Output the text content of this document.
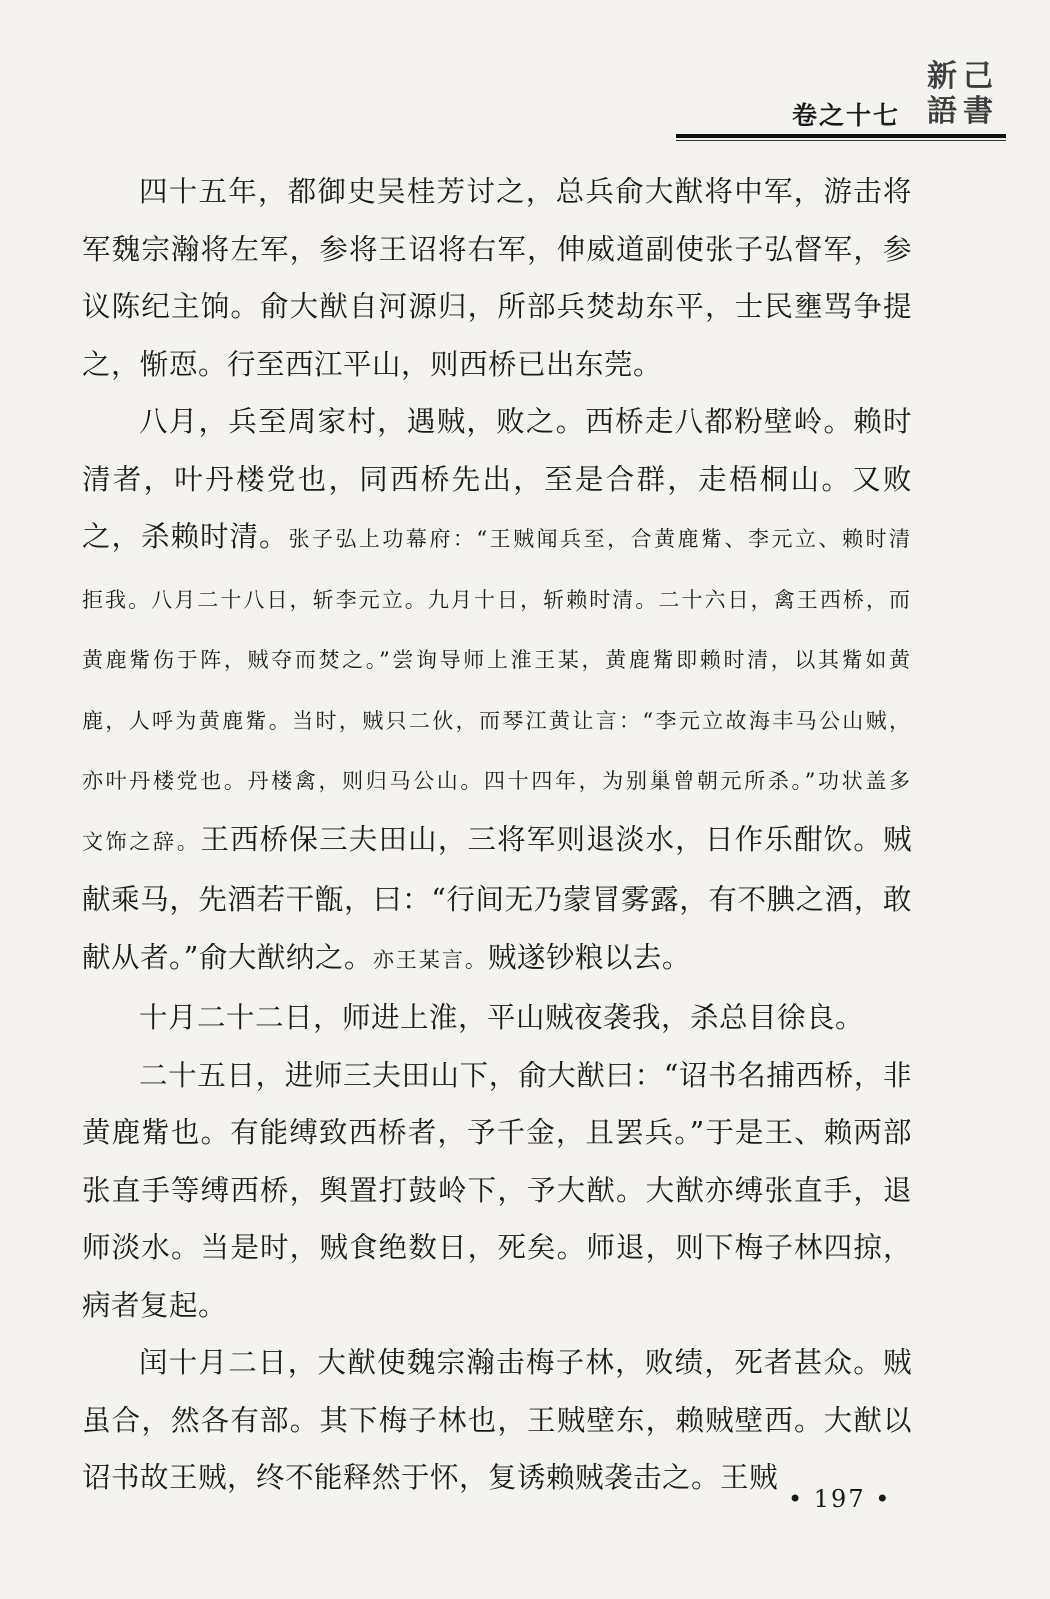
卷之十七

新 己
語 書

四十五年，都御史吴桂芳讨之，总兵俞大猷将中军，游击将军魏宗瀚将左军，参将王诏将右军，伸威道副使张子弘督军，参议陈纪主饷。俞大猷自河源归，所部兵焚劫东平，士民壅骂争提之，惭恧。行至西江平山，则西桥已出东莞。

八月，兵至周家村，遇贼，败之。西桥走八都粉壁岭。赖时清者，叶丹楼党也，同西桥先出，至是合群，走梧桐山。又败之，杀赖时清。张子弘上功幕府：“王贼闻兵至，合黄鹿觜、李元立、赖时清拒我。八月二十八日，斩李元立。九月十日，斩赖时清。二十六日，禽王西桥，而黄鹿觜伤于阵，贼夺而焚之。”尝询导师上淮王某，黄鹿觜即赖时清，以其觜如黄鹿，人呼为黄鹿觜。当时，贼只二伙，而琴江黄让言：“李元立故海丰马公山贼，亦叶丹楼党也。丹楼禽，则归马公山。四十四年，为别巢曾朝元所杀。”功状盖多文饰之辞。王西桥保三夫田山，三将军则退淡水，日作乐酣饮。贼献乘马，先酒若干甑，曰：“行间无乃蒙冒雾露，有不腆之酒，敢献从者。”俞大猷纳之。亦王某言。贼遂钞粮以去。

十月二十二日，师进上淮，平山贼夜袭我，杀总目徐良。

二十五日，进师三夫田山下，俞大猷曰：“诏书名捕西桥，非黄鹿觜也。有能缚致西桥者，予千金，且罢兵。”于是王、赖两部张直手等缚西桥，舆置打鼓岭下，予大猷。大猷亦缚张直手，退师淡水。当是时，贼食绝数日，死矣。师退，则下梅子林四掠，病者复起。

闰十月二日，大猷使魏宗瀚击梅子林，败绩，死者甚众。贼虽合，然各有部。其下梅子林也，王贼壁东，赖贼壁西。大猷以诏书故王贼，终不能释然于怀，复诱赖贼袭击之。王贼

• 197 •
